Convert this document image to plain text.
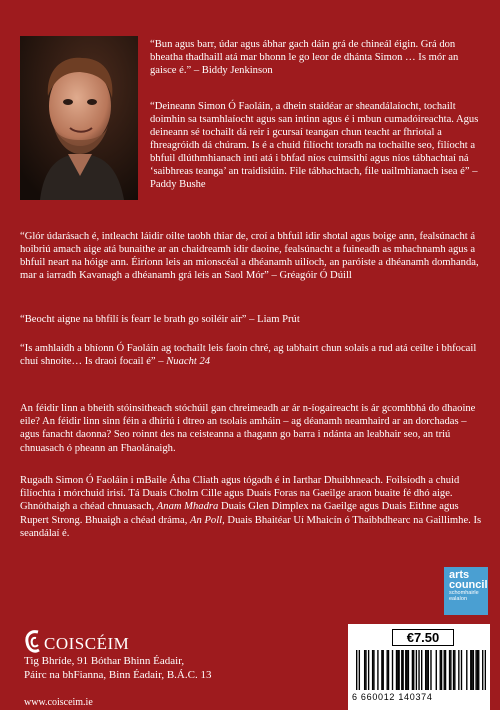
“Bun agus barr, údar agus ábhar gach dáin grá de chineál éigin. Grá don bheatha thadhaill atá mar bhonn le go leor de dhánta Simon … Is mór an gaisce é.” – Biddy Jenkinson
“Deineann Simon Ó Faoláin, a dhein staidéar ar sheandálaíocht, tochailt doimhin sa tsamhlaíocht agus san intinn agus é i mbun cumadóireachta. Agus deineann sé tochailt dá reir i gcursaí teangan chun teacht ar fhriotal a fhreagróidh dá chúram. Is é a chuid filíocht toradh na tochailte seo, filíocht a bhfuil dlúthmhianach inti atá i bhfad níos cuimsithí agus níos tábhachtaí ná ‘saibhreas teanga’ an traidisiúin. File tábhachtach, file uailmhianach isea é” – Paddy Bushe
“Glór údarásach é, intleacht láidir oilte taobh thiar de, croí a bhfuil idir shotal agus boige ann, fealsúnacht á hoibriú amach aige atá bunaithe ar an chaidreamh idir daoine, fealsúnacht a fuineadh as mhachnamh agus a bhfuil neart na hóige ann. Éiríonn leis an mionscéal a dhéanamh uilíoch, an paróiste a dhéanamh domhanda, mar a iarradh Kavanagh a dhéanamh grá leis an Saol Mór” – Gréagóir Ó Dúill
“Beocht aigne na bhfilí is fearr le brath go soiléir air” – Liam Prút
“Is amhlaidh a bhíonn Ó Faoláin ag tochailt leis faoin chré, ag tabhairt chun solais a rud atá ceilte i bhfocail chuí shnoite… Is draoi focail é” – Nuacht 24

An féidir linn a bheith stóinsitheach stóchúil gan chreimeadh ar ár n-íogaireacht is ár gcomhbhá do dhaoine eile? An féidir linn sinn féin a dhíriú i dtreo an tsolais amháin – ag déanamh neamhaird ar an dorchadas – agus fanacht daonna? Seo roinnt des na ceisteanna a thagann go barra i ndánta an leabhair seo, an triú chnuasach ó pheann an Fhaolánaigh.

Rugadh Simon Ó Faoláin i mBaile Átha Cliath agus tógadh é in Iarthar Dhuibhneach. Foilsíodh a chuid filíochta i mórchuid irisí. Tá Duais Cholm Cille agus Duais Foras na Gaeilge araon buaite fé dhó aige. Ghnóthaigh a chéad chnuasach, Anam Mhadra Duais Glen Dimplex na Gaeilge agus Duais Eithne agus Rupert Strong. Bhuaigh a chéad dráma, An Poll, Duais Bhaitéar Uí Mhaicín ó Thaibhdhearc na Gaillimhe. Is seandálaí é.

arts
council
schomhairle
ealaíon
COISCÉIM
Tig Bhríde, 91 Bóthar Bhinn Éadair,
Páirc na bhFianna, Binn Éadair, B.Á.C. 13
www.coisceim.ie
€7.50
6 660012 140374
